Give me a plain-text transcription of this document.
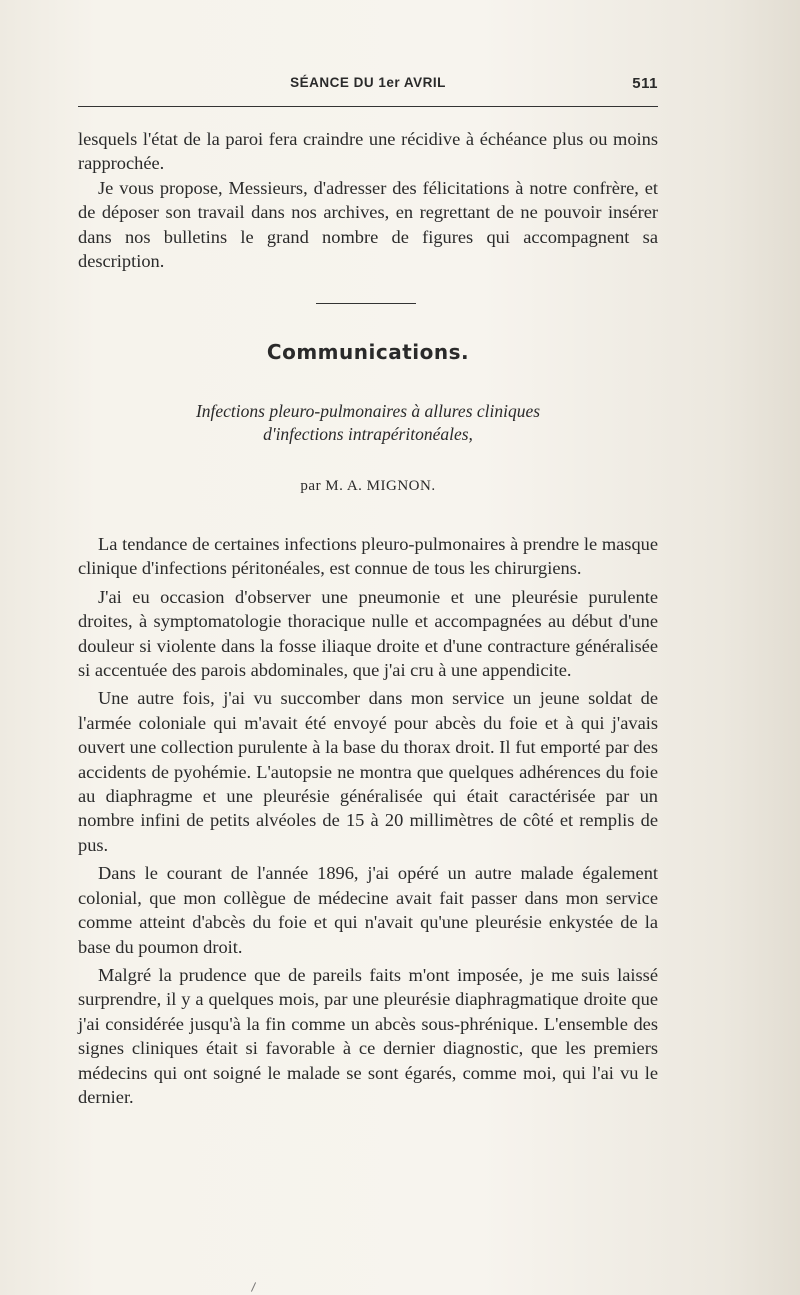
SÉANCE DU 1er AVRIL	511

lesquels l'état de la paroi fera craindre une récidive à échéance plus ou moins rapprochée.

Je vous propose, Messieurs, d'adresser des félicitations à notre confrère, et de déposer son travail dans nos archives, en regrettant de ne pouvoir insérer dans nos bulletins le grand nombre de figures qui accompagnent sa description.

Communications.
Infections pleuro-pulmonaires à allures cliniques
d'infections intrapéritonéales,
par M. A. MIGNON.

La tendance de certaines infections pleuro-pulmonaires à prendre le masque clinique d'infections péritonéales, est connue de tous les chirurgiens.

J'ai eu occasion d'observer une pneumonie et une pleurésie purulente droites, à symptomatologie thoracique nulle et accompagnées au début d'une douleur si violente dans la fosse iliaque droite et d'une contracture généralisée si accentuée des parois abdominales, que j'ai cru à une appendicite.

Une autre fois, j'ai vu succomber dans mon service un jeune soldat de l'armée coloniale qui m'avait été envoyé pour abcès du foie et à qui j'avais ouvert une collection purulente à la base du thorax droit. Il fut emporté par des accidents de pyohémie. L'autopsie ne montra que quelques adhérences du foie au diaphragme et une pleurésie généralisée qui était caractérisée par un nombre infini de petits alvéoles de 15 à 20 millimètres de côté et remplis de pus.

Dans le courant de l'année 1896, j'ai opéré un autre malade également colonial, que mon collègue de médecine avait fait passer dans mon service comme atteint d'abcès du foie et qui n'avait qu'une pleurésie enkystée de la base du poumon droit.

Malgré la prudence que de pareils faits m'ont imposée, je me suis laissé surprendre, il y a quelques mois, par une pleurésie diaphragmatique droite que j'ai considérée jusqu'à la fin comme un abcès sous-phrénique. L'ensemble des signes cliniques était si favorable à ce dernier diagnostic, que les premiers médecins qui ont soigné le malade se sont égarés, comme moi, qui l'ai vu le dernier.
